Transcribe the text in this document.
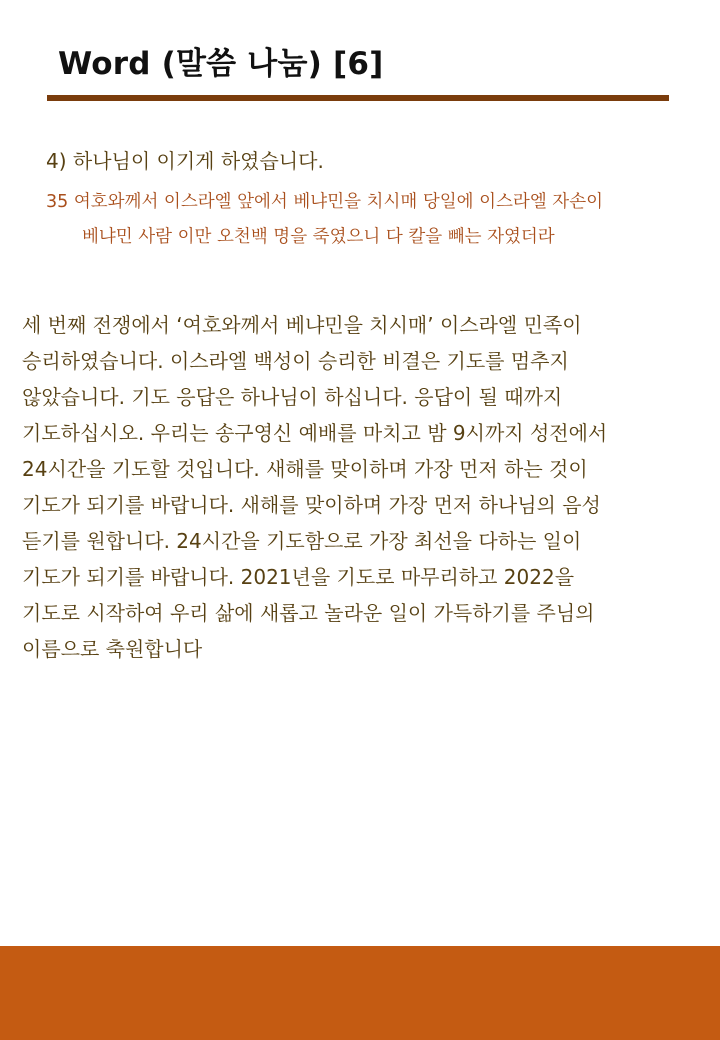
Word (말씀 나눔) [6]
4) 하나님이 이기게 하였습니다.
35 여호와께서 이스라엘 앞에서 베냐민을 치시매 당일에 이스라엘 자손이
베냐민 사람 이만 오천백 명을 죽였으니 다 칼을 빼는 자였더라
세 번째 전쟁에서 ‘여호와께서 베냐민을 치시매’ 이스라엘 민족이
승리하였습니다. 이스라엘 백성이 승리한 비결은 기도를 멈추지
않았습니다. 기도 응답은 하나님이 하십니다. 응답이 될 때까지
기도하십시오. 우리는 송구영신 예배를 마치고 밤 9시까지 성전에서
24시간을 기도할 것입니다. 새해를 맞이하며 가장 먼저 하는 것이
기도가 되기를 바랍니다. 새해를 맞이하며 가장 먼저 하나님의 음성
듣기를 원합니다. 24시간을 기도함으로 가장 최선을 다하는 일이
기도가 되기를 바랍니다. 2021년을 기도로 마무리하고 2022을
기도로 시작하여 우리 삶에 새롭고 놀라운 일이 가득하기를 주님의
이름으로 축원합니다
